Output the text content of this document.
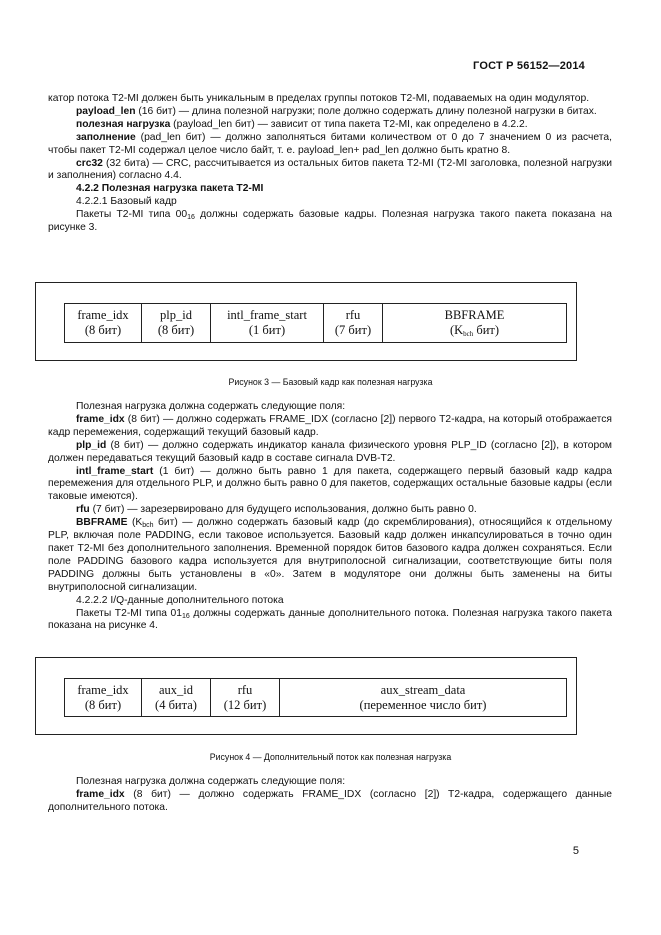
ГОСТ Р 56152—2014

катор потока T2-MI должен быть уникальным в пределах группы потоков T2-MI, подаваемых на один модулятор.

payload_len (16 бит) — длина полезной нагрузки; поле должно содержать длину полезной нагрузки в битах.

полезная нагрузка (payload_len бит) — зависит от типа пакета T2-MI, как определено в 4.2.2.

заполнение (pad_len бит) — должно заполняться битами количеством от 0 до 7 значением 0 из расчета, чтобы пакет T2-MI содержал целое число байт, т. е. payload_len+ pad_len должно быть кратно 8.

crc32 (32 бита) — CRC, рассчитывается из остальных битов пакета T2-MI (T2-MI заголовка, полезной нагрузки и заполнения) согласно 4.4.

4.2.2 Полезная нагрузка пакета T2-MI

4.2.2.1 Базовый кадр

Пакеты T2-MI типа $00_{16}$ должны содержать базовые кадры. Полезная нагрузка такого пакета показана на рисунке 3.

frame_idx
(8 бит)
plp_id
(8 бит)
intl_frame_start
(1 бит)
rfu
(7 бит)
BBFRAME
($K_{bch}$ бит)
Рисунок 3 — Базовый кадр как полезная нагрузка

Полезная нагрузка должна содержать следующие поля:

frame_idx (8 бит) — должно содержать FRAME_IDX (согласно [2]) первого T2-кадра, на который отображается кадр перемежения, содержащий текущий базовый кадр.

plp_id (8 бит) — должно содержать индикатор канала физического уровня PLP_ID (согласно [2]), в котором должен передаваться текущий базовый кадр в составе сигнала DVB-T2.

intl_frame_start (1 бит) — должно быть равно 1 для пакета, содержащего первый базовый кадр кадра перемежения для отдельного PLP, и должно быть равно 0 для пакетов, содержащих остальные базовые кадры (если таковые имеются).

rfu (7 бит) — зарезервировано для будущего использования, должно быть равно 0.

BBFRAME ($K_{bch}$ бит) — должно содержать базовый кадр (до скремблирования), относящийся к отдельному PLP, включая поле PADDING, если таковое используется. Базовый кадр должен инкапсулироваться в точно один пакет T2-MI без дополнительного заполнения. Временной порядок битов базового кадра должен сохраняться. Если поле PADDING базового кадра используется для внутриполосной сигнализации, соответствующие биты поля PADDING должны быть установлены в «0». Затем в модуляторе они должны быть заменены на биты внутриполосной сигнализации.

4.2.2.2 I/Q-данные дополнительного потока

Пакеты T2-MI типа $01_{16}$ должны содержать данные дополнительного потока. Полезная нагрузка такого пакета показана на рисунке 4.

frame_idx
(8 бит)
aux_id
(4 бита)
rfu
(12 бит)
aux_stream_data
(переменное число бит)
Рисунок 4 — Дополнительный поток как полезная нагрузка

Полезная нагрузка должна содержать следующие поля:

frame_idx (8 бит) — должно содержать FRAME_IDX (согласно [2]) T2-кадра, содержащего данные дополнительного потока.

5
